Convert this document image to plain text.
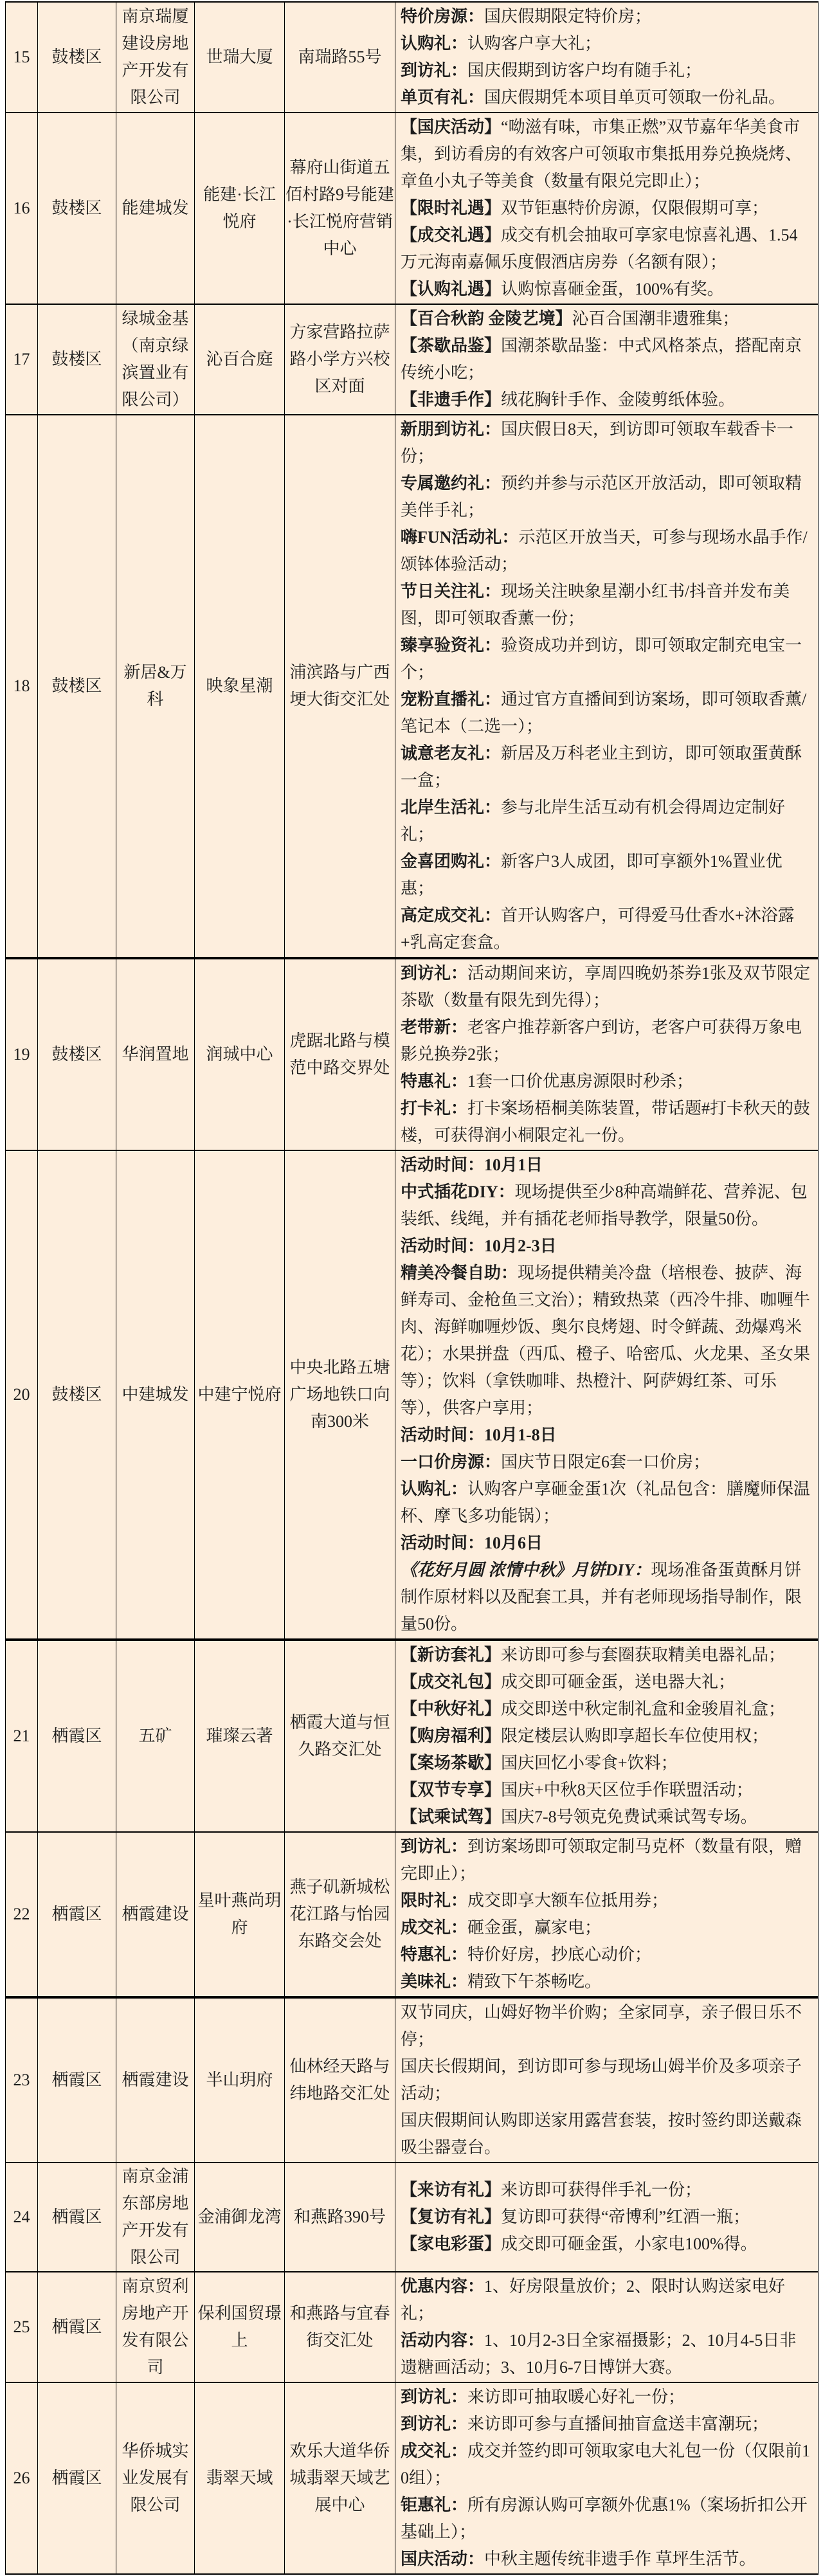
15	鼓楼区	南京瑞厦建设房地产开发有限公司	世瑞大厦	南瑞路55号	特价房源：国庆假期限定特价房；
认购礼：认购客户享大礼；
到访礼：国庆假期到访客户均有随手礼；
单页有礼：国庆假期凭本项目单页可领取一份礼品。

16	鼓楼区	能建城发	能建·长江悦府	幕府山街道五佰村路9号能建·长江悦府营销中心	【国庆活动】“呦滋有味，市集正燃”双节嘉年华美食市集，到访看房的有效客户可领取市集抵用券兑换烧烤、章鱼小丸子等美食（数量有限兑完即止）；
【限时礼遇】双节钜惠特价房源，仅限假期可享；
【成交礼遇】成交有机会抽取可享家电惊喜礼遇、1.54万元海南嘉佩乐度假酒店房券（名额有限）；
【认购礼遇】认购惊喜砸金蛋，100%有奖。

17	鼓楼区	绿城金基（南京绿滨置业有限公司）	沁百合庭	方家营路拉萨路小学方兴校区对面	【百合秋韵 金陵艺境】沁百合国潮非遗雅集；
【茶歇品鉴】国潮茶歇品鉴：中式风格茶点，搭配南京传统小吃；
【非遗手作】绒花胸针手作、金陵剪纸体验。

18	鼓楼区	新居&万科	映象星潮	浦滨路与广西埂大街交汇处	
新朋到访礼：国庆假日8天，到访即可领取车载香卡一份；
专属邀约礼：预约并参与示范区开放活动，即可领取精美伴手礼；
嗨FUN活动礼：示范区开放当天，可参与现场水晶手作/颂钵体验活动；
节日关注礼：现场关注映象星潮小红书/抖音并发布美图，即可领取香薰一份；
臻享验资礼：验资成功并到访，即可领取定制充电宝一个；
宠粉直播礼：通过官方直播间到访案场，即可领取香薰/笔记本（二选一）；
诚意老友礼：新居及万科老业主到访，即可领取蛋黄酥一盒；
北岸生活礼：参与北岸生活互动有机会得周边定制好礼；
金喜团购礼：新客户3人成团，即可享额外1%置业优惠；
高定成交礼：首开认购客户，可得爱马仕香水+沐浴露+乳高定套盒。

19	鼓楼区	华润置地	润珹中心	虎踞北路与模范中路交界处	到访礼：活动期间来访，享周四晚奶茶券1张及双节限定茶歇（数量有限先到先得）；
老带新：老客户推荐新客户到访，老客户可获得万象电影兑换券2张；
特惠礼：1套一口价优惠房源限时秒杀；
打卡礼：打卡案场梧桐美陈装置，带话题#打卡秋天的鼓楼，可获得润小桐限定礼一份。

20	鼓楼区	中建城发	中建宁悦府	中央北路五塘广场地铁口向南300米	
活动时间：10月1日
中式插花DIY：现场提供至少8种高端鲜花、营养泥、包装纸、线绳，并有插花老师指导教学，限量50份。
活动时间：10月2-3日
精美冷餐自助：现场提供精美冷盘（培根卷、披萨、海鲜寿司、金枪鱼三文治）；精致热菜（西冷牛排、咖喱牛肉、海鲜咖喱炒饭、奥尔良烤翅、时令鲜蔬、劲爆鸡米花）；水果拼盘（西瓜、橙子、哈密瓜、火龙果、圣女果等）；饮料（拿铁咖啡、热橙汁、阿萨姆红茶、可乐等），供客户享用；
活动时间：10月1-8日
一口价房源：国庆节日限定6套一口价房；
认购礼：认购客户享砸金蛋1次（礼品包含：膳魔师保温杯、摩飞多功能锅）；
活动时间：10月6日
《花好月圆 浓情中秋》月饼DIY：现场准备蛋黄酥月饼制作原材料以及配套工具，并有老师现场指导制作，限量50份。

21	栖霞区	五矿	璀璨云著	栖霞大道与恒久路交汇处	
【新访套礼】来访即可参与套圈获取精美电器礼品；
【成交礼包】成交即可砸金蛋，送电器大礼；
【中秋好礼】成交即送中秋定制礼盒和金骏眉礼盒；
【购房福利】限定楼层认购即享超长车位使用权；
【案场茶歇】国庆回忆小零食+饮料；
【双节专享】国庆+中秋8天区位手作联盟活动；
【试乘试驾】国庆7-8号领克免费试乘试驾专场。

22	栖霞区	栖霞建设	星叶燕尚玥府	燕子矶新城松花江路与怡园东路交会处	到访礼：到访案场即可领取定制马克杯（数量有限，赠完即止）；
限时礼：成交即享大额车位抵用券；
成交礼：砸金蛋，赢家电；
特惠礼：特价好房，抄底心动价；
美味礼：精致下午茶畅吃。

23	栖霞区	栖霞建设	半山玥府	仙林经天路与纬地路交汇处	双节同庆，山姆好物半价购；全家同享，亲子假日乐不停；
国庆长假期间，到访即可参与现场山姆半价及多项亲子活动；
国庆假期间认购即送家用露营套装，按时签约即送戴森吸尘器壹台。

24	栖霞区	南京金浦东部房地产开发有限公司	金浦御龙湾	和燕路390号	【来访有礼】来访即可获得伴手礼一份；
【复访有礼】复访即可获得“帝博利”红酒一瓶；
【家电彩蛋】成交即可砸金蛋，小家电100%得。

25	栖霞区	南京贸利房地产开发有限公司	保利国贸璟上	和燕路与宜春街交汇处	优惠内容：1、好房限量放价；2、限时认购送家电好礼；
活动内容：1、10月2-3日全家福摄影；2、10月4-5日非遗糖画活动；3、10月6-7日博饼大赛。

26	栖霞区	华侨城实业发展有限公司	翡翠天域	欢乐大道华侨城翡翠天域艺展中心	到访礼：来访即可抽取暖心好礼一份；
到访礼：来访即可参与直播间抽盲盒送丰富潮玩；
成交礼：成交并签约即可领取家电大礼包一份（仅限前10组）；
钜惠礼：所有房源认购可享额外优惠1%（案场折扣公开基础上）；
国庆活动：中秋主题传统非遗手作 草坪生活节。
